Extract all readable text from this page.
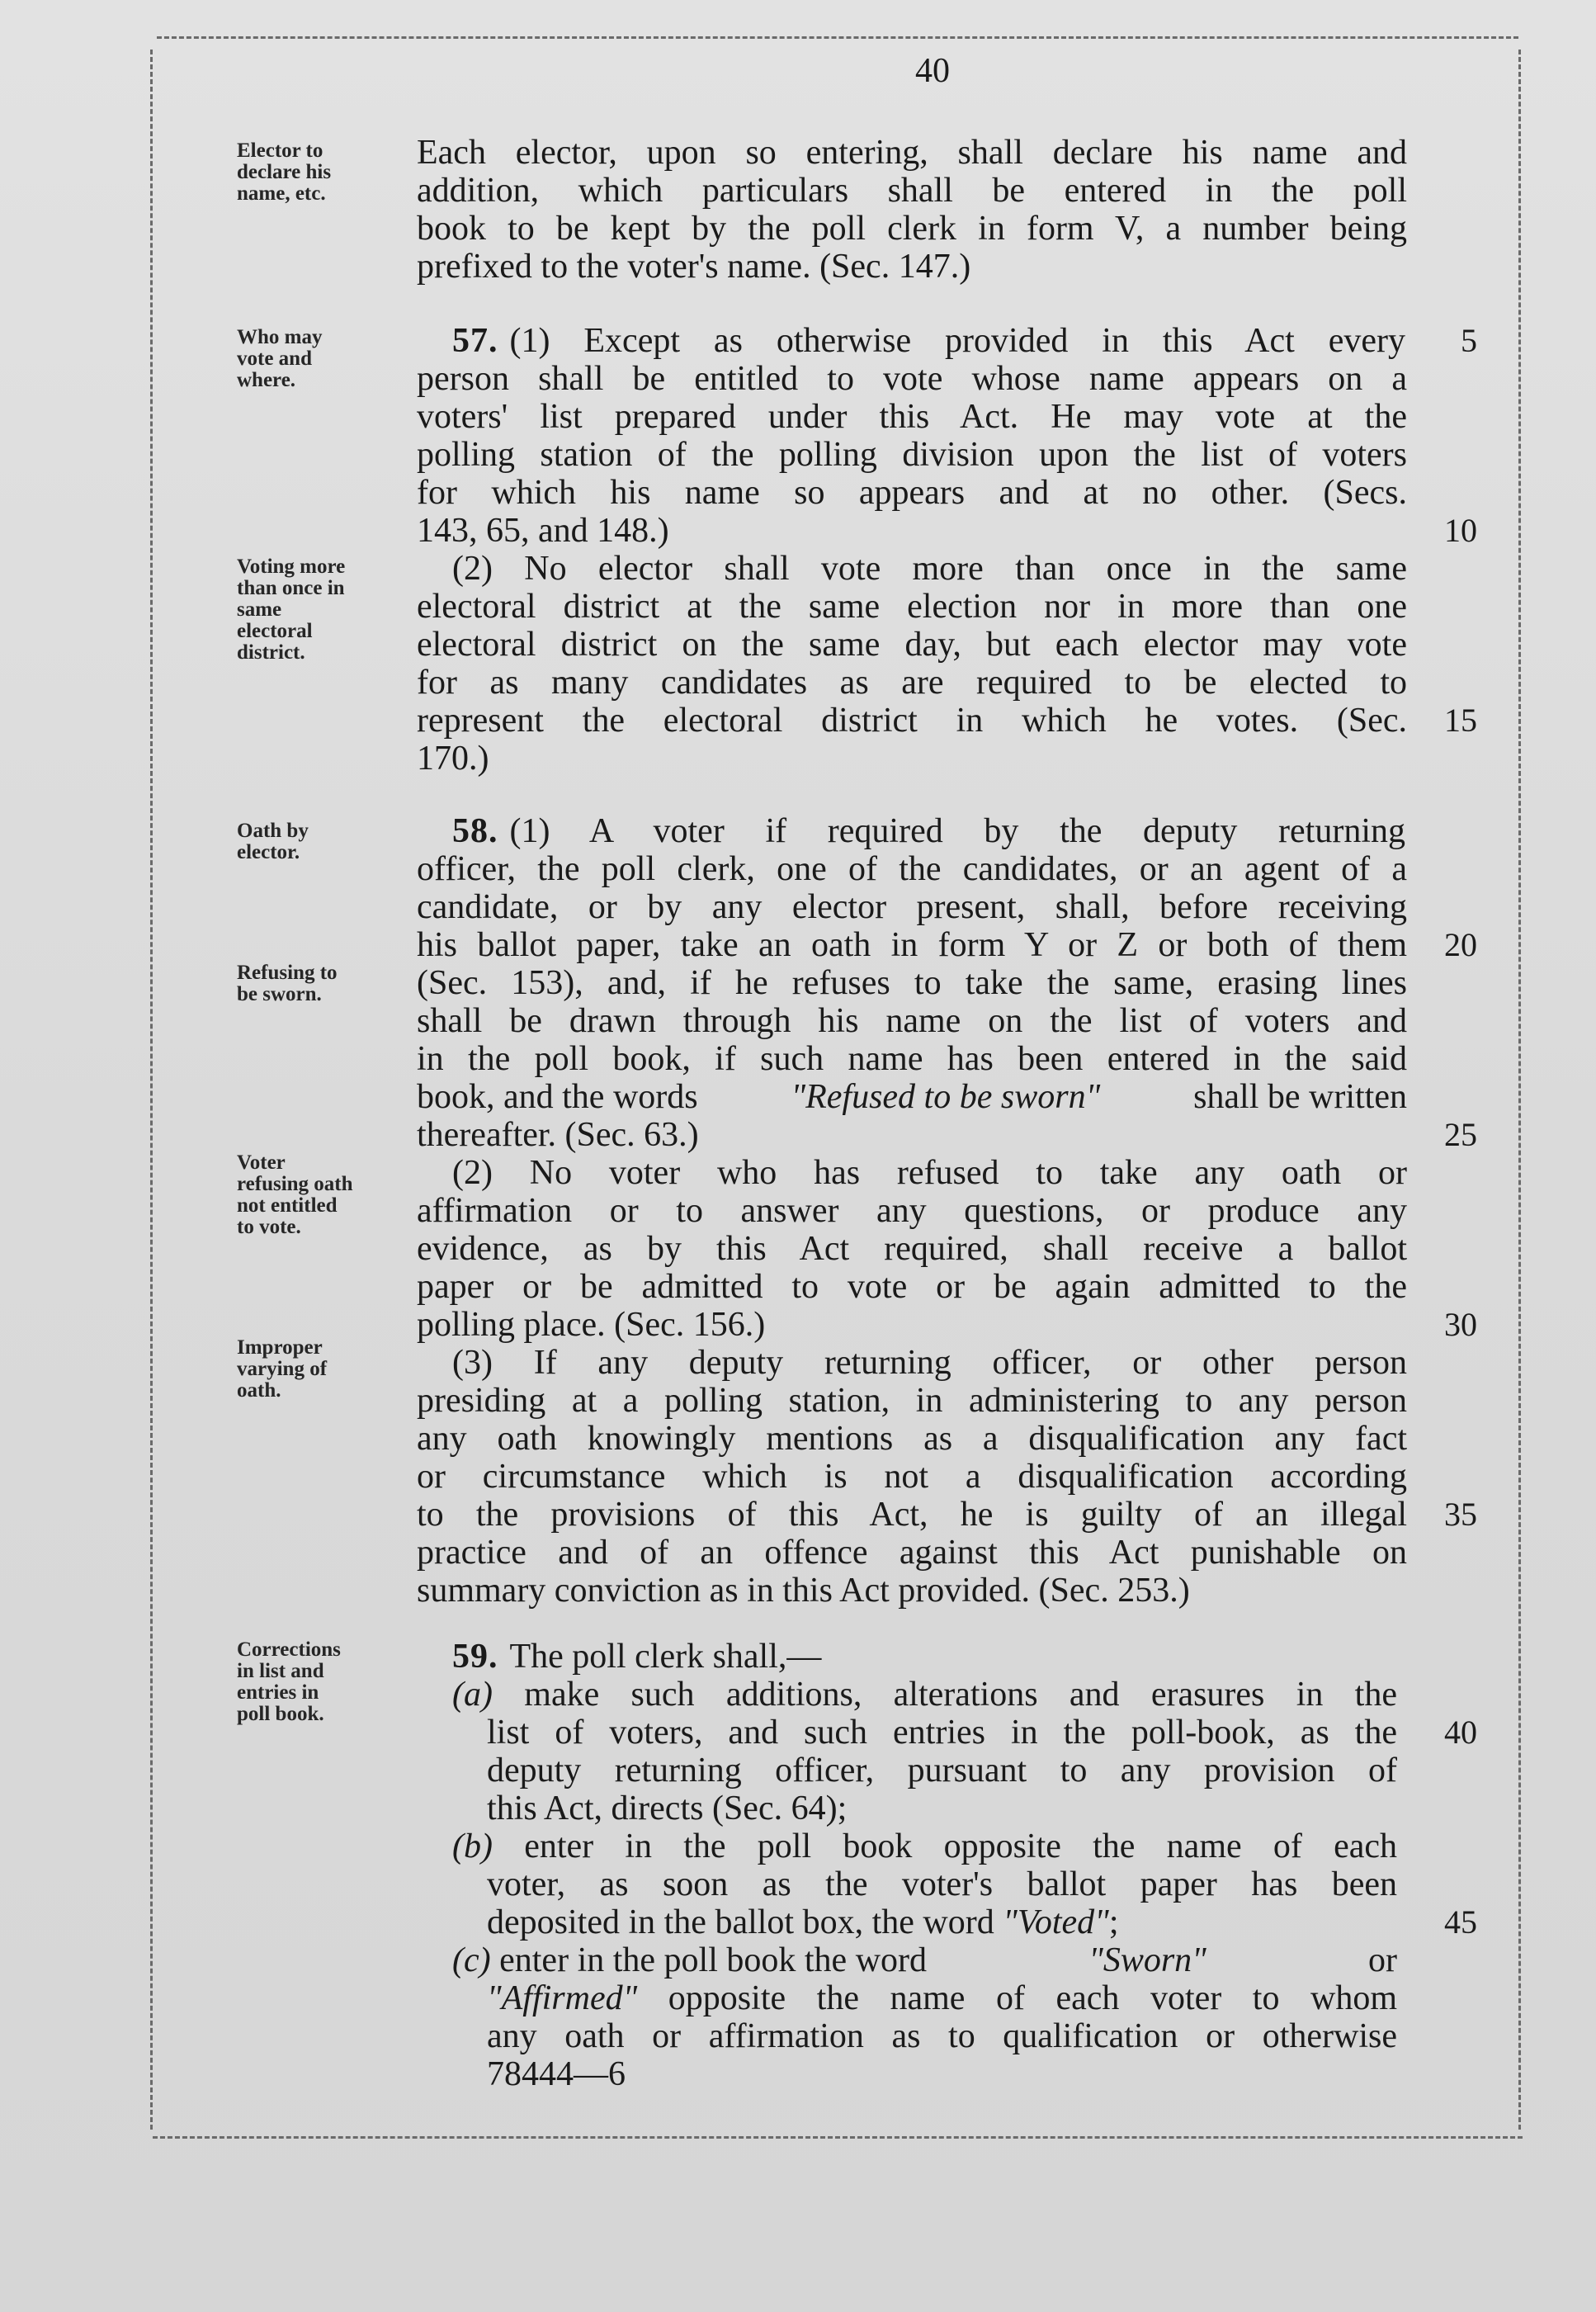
40
Elector to
declare his
name, etc.
Who may
vote and
where.
Voting more
than once in
same
electoral
district.
Oath by
elector.
Refusing to
be sworn.
Voter
refusing oath
not entitled
to vote.
Improper
varying of
oath.
Corrections
in list and
entries in
poll book.
Each elector, upon so entering, shall declare his name and
addition, which particulars shall be entered in the poll
book to be kept by the poll clerk in form V, a number being
prefixed to the voter's name. (Sec. 147.)
57. (1) Except as otherwise provided in this Act every
person shall be entitled to vote whose name appears on a
voters' list prepared under this Act. He may vote at the
polling station of the polling division upon the list of voters
for which his name so appears and at no other. (Secs.
143, 65, and 148.)
(2) No elector shall vote more than once in the same
electoral district at the same election nor in more than one
electoral district on the same day, but each elector may vote
for as many candidates as are required to be elected to
represent the electoral district in which he votes. (Sec.
170.)
58. (1) A voter if required by the deputy returning
officer, the poll clerk, one of the candidates, or an agent of a
candidate, or by any elector present, shall, before receiving
his ballot paper, take an oath in form Y or Z or both of them
(Sec. 153), and, if he refuses to take the same, erasing lines
shall be drawn through his name on the list of voters and
in the poll book, if such name has been entered in the said
book, and the words	"Refused to be sworn"	shall be written
thereafter. (Sec. 63.)
(2) No voter who has refused to take any oath or
affirmation or to answer any questions, or produce any
evidence, as by this Act required, shall receive a ballot
paper or be admitted to vote or be again admitted to the
polling place. (Sec. 156.)
(3) If any deputy returning officer, or other person
presiding at a polling station, in administering to any person
any oath knowingly mentions as a disqualification any fact
or circumstance which is not a disqualification according
to the provisions of this Act, he is guilty of an illegal
practice and of an offence against this Act punishable on
summary conviction as in this Act provided. (Sec. 253.)
59. The poll clerk shall,—
(a) make such additions, alterations and erasures in the
list of voters, and such entries in the poll-book, as the
deputy returning officer, pursuant to any provision of
this Act, directs (Sec. 64);
(b) enter in the poll book opposite the name of each
voter, as soon as the voter's ballot paper has been
deposited in the ballot box, the word "Voted";
(c) enter in the poll book the word	"Sworn"	or
"Affirmed" opposite the name of each voter to whom
any oath or affirmation as to qualification or otherwise
78444—6
5
10
15
20
25
30
35
40
45
